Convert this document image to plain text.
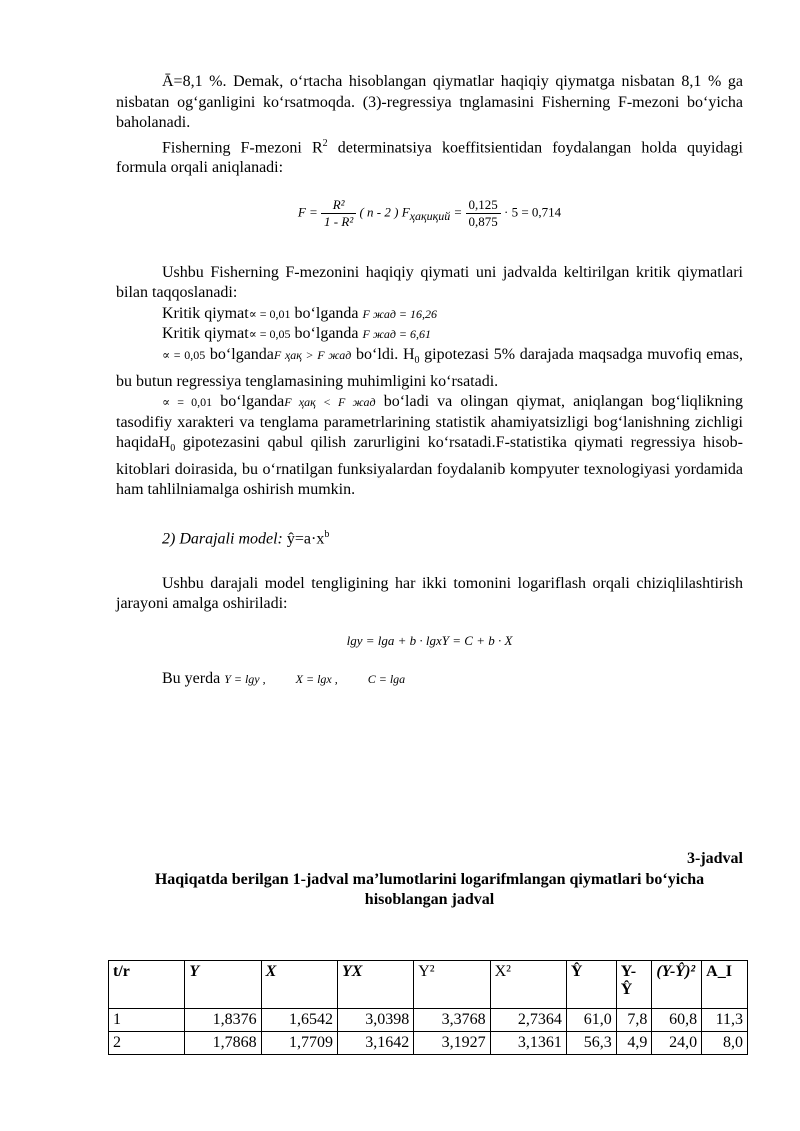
Ā=8,1 %. Demak, oʻrtacha hisoblangan qiymatlar haqiqiy qiymatga nisbatan 8,1 % ga nisbatan ogʻganligini koʻrsatmoqda. (3)-regressiya tnglamasini Fisherning F-mezoni boʻyicha baholanadi.

Fisherning F-mezoni $R^2$ determinatsiya koeffitsientidan foydalangan holda quyidagi formula orqali aniqlanadi:

$F = \frac{\text{R²}}{\text{1 - R²}}$ ( n - 2 ) $F_{ҳақиқий} = \frac{0,125}{0,875} \cdot 5 = 0,714$

Ushbu Fisherning F-mezonini haqiqiy qiymati uni jadvalda keltirilgan kritik qiymatlari bilan taqqoslanadi:

Kritik qiymat∝ = 0,01 boʻlganda F жад = 16,26

Kritik qiymat∝ = 0,05 boʻlganda F жад = 6,61

∝ = 0,05 boʻlgandaF ҳақ > F жад boʻldi. $H_0$ gipotezasi 5% darajada maqsadga muvofiq emas, bu butun regressiya tenglamasining muhimligini koʻrsatadi.

∝ = 0,01 boʻlgandaF ҳақ < F жад boʻladi va olingan qiymat, aniqlangan bogʻliqlikning tasodifiy xarakteri va tenglama parametrlarining statistik ahamiyatsizligi bogʻlanishning zichligi haqidaH$_0$ gipotezasini qabul qilish zarurligini koʻrsatadi.F-statistika qiymati regressiya hisob-kitoblari doirasida, bu oʻrnatilgan funksiyalardan foydalanib kompyuter texnologiyasi yordamida ham tahlilniamalga oshirish mumkin.

2) Darajali model: $ŷ=a\cdot x^b$

Ushbu darajali model tengligining har ikki tomonini logariflash orqali chiziqlilashtirish jarayoni amalga oshiriladi:

lgy = lga + b · lgxY = C + b · X

Bu yerda Y = lgy ,	X = lgx ,	C = lga

3-jadval

Haqiqatda berilgan 1-jadval maʼlumotlarini logarifmlangan qiymatlari boʻyicha hisoblangan jadval

t/r	Y	X	YX	Y²	X²	Ŷ	Y-Ŷ	(Y-Ŷ)²	A_I
1	1,8376	1,6542	3,0398	3,3768	2,7364	61,0	7,8	60,8	11,3
2	1,7868	1,7709	3,1642	3,1927	3,1361	56,3	4,9	24,0	8,0
